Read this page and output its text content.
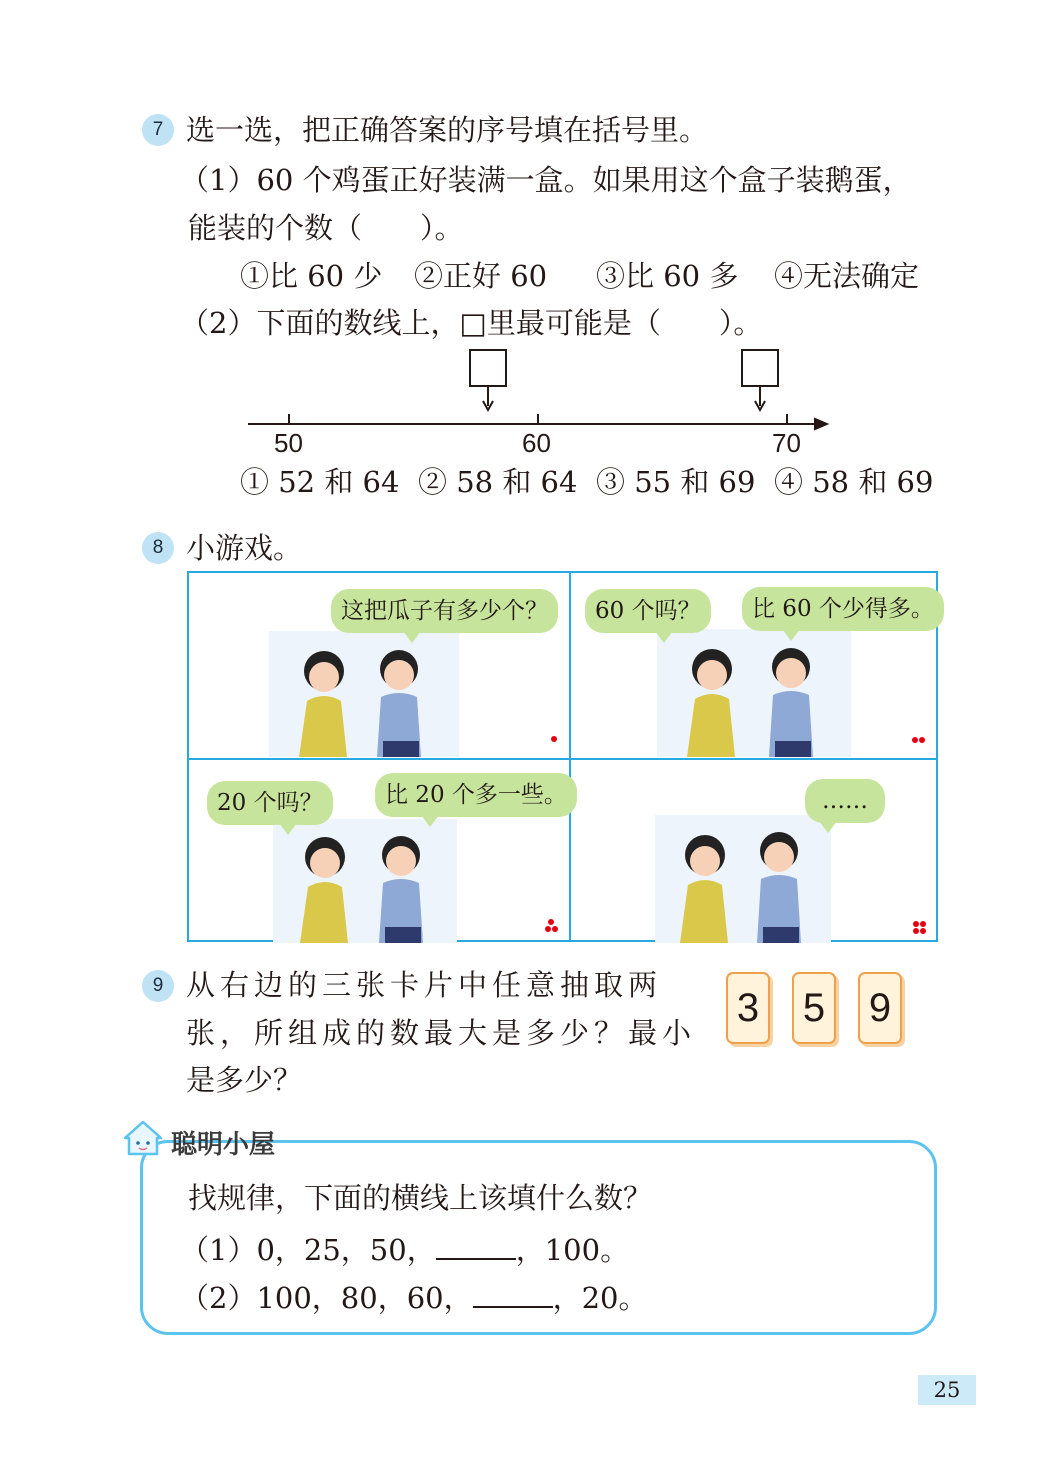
7 选一选，把正确答案的序号填在括号里。
（1）60 个鸡蛋正好装满一盒。如果用这个盒子装鹅蛋，
能装的个数（　　）。
①比 60 少 ②正好 60 ③比 60 多 ④无法确定
（2）下面的数线上，□里最可能是（　　）。
50	60	70
① 52 和 64 ② 58 和 64 ③ 55 和 69 ④ 58 和 69
8 小游戏。
这把瓜子有多少个？	60 个吗？	比 60 个少得多。
20 个吗？	比 20 个多一些。	……
9 从右边的三张卡片中任意抽取两
张，所组成的数最大是多少？最小
是多少？
3 5 9
聪明小屋
找规律，下面的横线上该填什么数？
（1）0，25，50，	，100。
（2）100，80，60，	，20。
25
